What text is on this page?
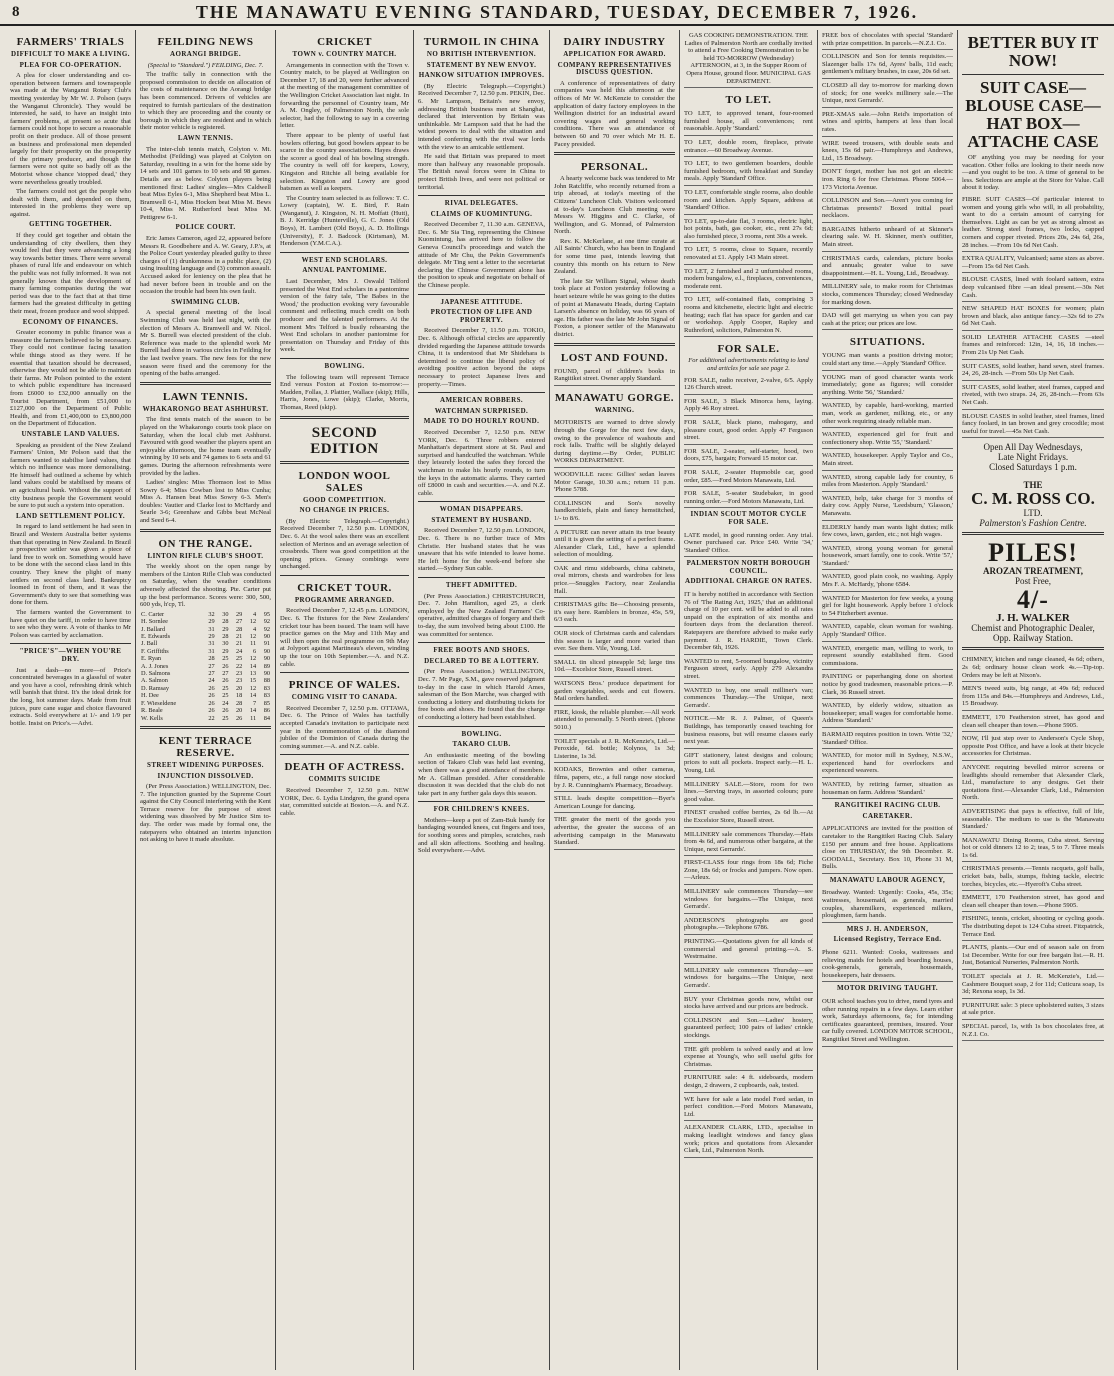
8	THE MANAWATU EVENING STANDARD, TUESDAY, DECEMBER 7, 1926.
FARMERS' TRIALS
DIFFICULT TO MAKE A LIVING.
PLEA FOR CO-OPERATION.
A plea for closer understanding and co-operation between farmers and townspeople was made at the Wanganui Rotary Club's meeting yesterday by Mr W. J. Polson (says the Wanganui Chronicle). They would be interested, he said, to have an insight into farmers' problems, at present so acute that farmers could not hope to secure a reasonable profit on their produce. All of those present as business and professional men depended largely for their prosperity on the prosperity of the primary producer, and though the farmers were not quite so badly off as the Motorist whose chance 'stopped dead,' they were nevertheless greatly troubled.
The farmers could not get the people who dealt with them, and depended on them, interested in the problems they were up against.
GETTING TOGETHER.
If they could get together and obtain the understanding of city dwellers, then they would feel that they were advancing a long way towards better times. There were several phases of rural life and endeavour on which the public was not fully informed. It was not generally known that the development of many farming companies during the war period was due to the fact that at that time farmers had the greatest difficulty in getting their meat, frozen produce and wool shipped.
ECONOMY OF FINANCES.
Greater economy in public finance was a measure the farmers believed to be necessary. They could not continue facing taxation while things stood as they were. If he essential that taxation should be decreased, otherwise they would not be able to maintain their farms. Mr Polson pointed to the extent to which public expenditure has increased from £6000 to £32,000 annually on the Tourist Department, from £51,000 to £127,000 on the Department of Public Health, and from £1,400,000 to £3,800,000 on the Department of Education.
UNSTABLE LAND VALUES.
Speaking as president of the New Zealand Farmers' Union, Mr Polson said that the farmers wanted to stabilise land values, that which no influence was more demoralising. He himself had outlined a scheme by which land values could be stabilised by means of an agricultural bank. Without the support of city business people the Government would be sure to put such a system into operation.
LAND SETTLEMENT POLICY.
In regard to land settlement he had seen in Brazil and Western Australia better systems than that operating in New Zealand. In Brazil a prospective settler was given a piece of land free to work on. Something would have to be done with the second class land in this country. They knew the plight of many settlers on second class land. Bankruptcy loomed in front of them, and it was the Government's duty to see that something was done for them.
The farmers wanted the Government to have quiet on the tariff, in order to have time to see who they were. A vote of thanks to Mr Polson was carried by acclamation.
"PRICE'S"—WHEN YOU'RE DRY.
Just a dash—no more—of Price's concentrated beverages in a glassful of water and you have a cool, refreshing drink which will banish that thirst. It's the ideal drink for the long, hot summer days. Made from fruit juices, pure cane sugar and choice flavoured extracts. Sold everywhere at 1/- and 1/9 per bottle. Insist on Price's.—Advt.
FEILDING NEWS
AORANGI BRIDGE.
(Special to "Standard.") FEILDING, Dec. 7.
The traffic tally in connection with the proposed commission to decide on allocation of the costs of maintenance on the Aorangi bridge has been commenced. Drivers of vehicles are required to furnish particulars of the destination to which they are proceeding and the county or borough in which they are resident and in which their motor vehicle is registered.
LAWN TENNIS.
The inter-club tennis match, Colyton v. Mt. Methodist (Feilding) was played at Colyton on Saturday, resulting in a win for the home side by 14 sets and 101 games to 10 sets and 98 games. Details are as below. Colyton players being mentioned first: Ladies' singles—Mrs Caldwell beat Miss Eyles 6-1, Miss Shepherd beat Miss L. Bramwell 6-1, Miss Hocken beat Miss M. Bews 10-4, Miss M. Rutherford beat Miss M. Pettigrew 6-1.
POLICE COURT.
Eric James Cameron, aged 22, appeared before Messrs R. Goodbehere and A. W. Geary, J.P.'s, at the Police Court yesterday pleaded guilty to three charges of (1) drunkenness in a public place, (2) using insulting language and (3) common assault. Accused asked for leniency on the plea that he had never before been in trouble and on the occasion the trouble had been his own fault.
SWIMMING CLUB.
A special general meeting of the local Swimming Club was held last night, with the election of Messrs A. Bramwell and W. Nicol. Mr S. Burrell was elected president of the club. Reference was made to the splendid work Mr Burrell had done in various circles in Feilding for the last twelve years. The new fees for the new season were fixed and the ceremony for the opening of the baths arranged.
LAWN TENNIS.
WHAKARONGO BEAT ASHHURST.
The first tennis match of the season to be played on the Whakarongo courts took place on Saturday, when the local club met Ashhurst. Favoured with good weather the players spent an enjoyable afternoon, the home team eventually winning by 10 sets and 74 games to 6 sets and 61 games. During the afternoon refreshments were provided by the ladies.
Ladies' singles: Miss Thomson lost to Miss Sowry 6-4; Miss Cowban lost to Miss Cunha; Miss A. Hansen beat Miss Sowry 6-3. Men's doubles: Vautier and Clarke lost to McHardy and Searle 3-6; Greenhaw and Gibbs beat McNeal and Seed 6-4.
ON THE RANGE.
LINTON RIFLE CLUB'S SHOOT.
The weekly shoot on the open range by members of the Linton Rifle Club was conducted on Saturday, when the weather conditions adversely affected the shooting. Pte. Carter put up the best performance. Scores were: 300, 500, 600 yds, h'cp, Tl.
C. Carter	32	30	29	4	95
H. Sornlee	29	28	27	12	92
J. Ballard	31	29	28	4	92
E. Edwards	29	28	21	12	90
J. Ball	31	30	21	11	91
F. Griffiths	31	29	24	6	90
E. Ryan	28	25	25	12	90
A. J. Jones	27	26	22	14	89
D. Salmons	27	27	23	13	90
A. Salmon	24	26	23	15	88
D. Ramsay	26	25	20	12	83
H. Dee	26	25	18	14	83
F. Wieseldene	26	24	28	7	85
R. Beale	26	26	20	14	86
W. Kells	22	25	26	11	84
KENT TERRACE RESERVE.
STREET WIDENING PURPOSES.
INJUNCTION DISSOLVED.
(Per Press Association.) WELLINGTON, Dec. 7. The injunction granted by the Supreme Court against the City Council interfering with the Kent Terrace reserve for the purpose of street widening was dissolved by Mr Justice Sim to-day. The order was made by formal one, the ratepayers who obtained an interim injunction not asking to have it made absolute.
CRICKET
TOWN v. COUNTRY MATCH.
Arrangements in connection with the Town v. Country match, to be played at Wellington on December 17, 18 and 20, were further advanced at the meeting of the management committee of the Wellington Cricket Association last night. In forwarding the personnel of Country team, Mr A. M. Ongley, of Palmerston North, the sole selector, had the following to say in a covering letter.
There appear to be plenty of useful fast bowlers offering, but good bowlers appear to be scarce in the country associations. Hayes draws the scorer a good deal of his bowling strength. The country is well off for keepers, Lowry, Kingston and Ritchie all being available for selection. Kingston and Lowry are good batsmen as well as keepers.
The Country team selected is as follows: T. C. Lowry (captain), W. E. Bird, F. Rain (Wanganui), J. Kingston, N. H. Moffatt (Hutt), B. J. Kerridge (Hunterville), G. C. Jones (Old Boys), H. Lambert (Old Boys), A. D. Hollings (University), F. J. Badcock (Kirtsman), M. Henderson (Y.M.C.A.).
WEST END SCHOLARS.
ANNUAL PANTOMIME.
Last December, Mrs J. Oswald Telford presented the West End scholars in a pantomime version of the fairy tale, 'The Babes in the Wood,' the production evoking very favourable comment and reflecting much credit on both producer and the talented performers. At the moment Mrs Telford is busily rehearsing the West End scholars in another pantomime for presentation on Thursday and Friday of this week.
BOWLING.
The following team will represent Terrace End versus Foxton at Foxton to-morrow:—Madden, Follas, J. Plattier, Wallace (skip); Hills, Harris, Jones, Lowe (skip); Clarke, Morris, Thomas, Reed (skip).
SECOND EDITION
LONDON WOOL SALES
GOOD COMPETITION.
NO CHANGE IN PRICES.
(By Electric Telegraph.—Copyright.) Received December 7, 12.50 p.m. LONDON, Dec. 6. At the wool sales there was an excellent selection of Merinos and an average selection of crossbreds. There was good competition at the opening prices. Greasy combings were unchanged.
CRICKET TOUR.
PROGRAMME ARRANGED.
Received December 7, 12.45 p.m. LONDON, Dec. 6. The fixtures for the New Zealanders' cricket tour has been issued. The team will have practice games on the May and 11th May and will then open the real programme on 9th May at Jolyport against Martineau's eleven, winding up the tour on 10th September.—A. and N.Z. cable.
PRINCE OF WALES.
COMING VISIT TO CANADA.
Received December 7, 12.50 p.m. OTTAWA, Dec. 6. The Prince of Wales has tactfully accepted Canada's invitation to participate next year in the commemoration of the diamond jubilee of the Dominion of Canada during the coming summer.—A. and N.Z. cable.
DEATH OF ACTRESS.
COMMITS SUICIDE
Received December 7, 12.50 p.m. NEW YORK, Dec. 6. Lydia Lindgren, the grand opera star, committed suicide at Boston.—A. and N.Z. cable.
TURMOIL IN CHINA
NO BRITISH INTERVENTION.
STATEMENT BY NEW ENVOY.
HANKOW SITUATION IMPROVES.
(By Electric Telegraph.—Copyright.) Received December 7, 12.50 p.m. PEKIN, Dec. 6. Mr Lampson, Britain's new envoy, addressing British business men at Shanghai, declared that intervention by Britain was unthinkable. Mr Lampson said that he had the widest powers to deal with the situation and intended conferring with the rival war lords with the view to an amicable settlement.
He said that Britain was prepared to meet more than halfway any reasonable proposals. The British naval forces were in China to protect British lives, and were not political or territorial.
RIVAL DELEGATES.
CLAIMS OF KUOMINTUNG.
Received December 7, 11.30 a.m. GENEVA, Dec. 6. Mr Sia Ting, representing the Chinese Kuomintung, has arrived here to follow the Geneva Council's proceedings and watch the attitude of Mr Chu, the Pekin Government's delegate. Mr Ting sent a letter to the secretariat declaring the Chinese Government alone has the position to speak and negotiate on behalf of the Chinese people.
JAPANESE ATTITUDE.
PROTECTION OF LIFE AND PROPERTY.
Received December 7, 11.50 p.m. TOKIO, Dec. 6. Although official circles are apparently divided regarding the Japanese attitude towards China, it is understood that Mr Shidehara is determined to continue the liberal policy of avoiding positive action beyond the steps necessary to protect Japanese lives and property.—Times.
AMERICAN ROBBERS.
WATCHMAN SURPRISED.
MADE TO DO HOURLY ROUND.
Received December 7, 12.50 p.m. NEW YORK, Dec. 6. Three robbers entered Manhattan's department store at St. Paul and surprised and handcuffed the watchman. While they leisurely looted the safes they forced the watchman to make his hourly rounds, to turn the keys in the automatic alarms. They carried off £8000 in cash and securities.—A. and N.Z. cable.
WOMAN DISAPPEARS.
STATEMENT BY HUSBAND.
Received December 7, 12.50 p.m. LONDON, Dec. 6. There is no further trace of Mrs Christie. Her husband states that he was unaware that his wife intended to leave home. He left home for the week-end before she started.—Sydney Sun cable.
THEFT ADMITTED.
(Per Press Association.) CHRISTCHURCH, Dec. 7. John Hamilton, aged 25, a clerk employed by the New Zealand Farmers' Co-operative, admitted charges of forgery and theft to-day, the sum involved being about £100. He was committed for sentence.
FREE BOOTS AND SHOES.
DECLARED TO BE A LOTTERY.
(Per Press Association.) WELLINGTON, Dec. 7. Mr Page, S.M., gave reserved judgment to-day in the case in which Harold Ames, salesman of the Bon Marche, was charged with conducting a lottery and distributing tickets for free boots and shoes. He found that the charge of conducting a lottery had been established.
BOWLING.
TAKARO CLUB.
An enthusiastic meeting of the bowling section of Takaro Club was held last evening, when there was a good attendance of members. Mr A. Gillman presided. After considerable discussion it was decided that the club do not take part in any further gala days this season.
FOR CHILDREN'S KNEES.
Mothers—keep a pot of Zam-Buk handy for bandaging wounded knees, cut fingers and toes, for soothing sores and pimples, scratches, rash and all skin affections. Soothing and healing. Sold everywhere.—Advt.
DAIRY INDUSTRY
APPLICATION FOR AWARD.
COMPANY REPRESENTATIVES DISCUSS QUESTION.
A conference of representatives of dairy companies was held this afternoon at the offices of Mr W. McKenzie to consider the application of dairy factory employees in the Wellington district for an industrial award covering wages and general working conditions. There was an attendance of between 60 and 70 over which Mr H. E. Pacey presided.
PERSONAL.
A hearty welcome back was tendered to Mr John Ratcliffe, who recently returned from a trip abroad, at today's meeting of the Citizens' Luncheon Club. Visitors welcomed at to-day's Luncheon Club meeting were Messrs W. Higgins and C. Clarke, of Wellington, and G. Monrad, of Palmerston North.
Rev. K. McKerlane, at one time curate at All Saints' Church, who has been in England for some time past, intends leaving that country this month on his return to New Zealand.
The late Sir William Signal, whose death took place at Foxton yesterday following a heart seizure while he was going to the duties of point at Manawatu Heads, during Captain Larsen's absence on holiday, was 66 years of age. His father was the late Mr John Signal of Foxton, a pioneer settler of the Manawatu district.
LOST AND FOUND.
FOUND, parcel of children's books in Rangitikei street. Owner apply Standard.
MANAWATU GORGE.
WARNING.
MOTORISTS are warned to drive slowly through the Gorge for the next few days, owing to the prevalence of washouts and rock falls. Traffic will be slightly delayed during daytime.—By Order, PUBLIC WORKS DEPARTMENT.
WOODVILLE races: Gillies' sedan leaves Motor Garage, 10.30 a.m.; return 11 p.m. 'Phone 5788.
COLLINSON and Son's novelty handkerchiefs, plain and fancy hemstitched, 1/- to 8/6.
A PICTURE can never attain its true beauty until it is given the setting of a perfect frame. Alexander Clark, Ltd., have a splendid selection of moulding.
OAK and rimu sideboards, china cabinets, oval mirrors, chests and wardrobes for less price.—Snuggles Factory, near Zealandia Hall.
CHRISTMAS gifts: Be—Choosing presents, it's easy here. Ramblers in bronze, 45s, 5/9, 6/3 each.
OUR stock of Christmas cards and calendars this season is larger and more varied than ever. See them. Vile, Young, Ltd.
SMALL tin sliced pineapple 5d; large tins 10d.—Excelsior Store, Russell street.
WATSONS Bros.' produce department for garden vegetables, seeds and cut flowers. Mail orders handled.
FIRE, kiosk, the reliable plumber.—All work attended to personally. 5 North street. ('phone 5010.)
TOILET specials at J. R. McKenzie's, Ltd.—Peroxide, 6d. bottle; Kolynos, 1s 3d; Listerine, 1s 3d.
KODAKS, Brownies and other cameras, films, papers, etc., a full range now stocked by J. R. Cunningham's Pharmacy, Broadway.
STILL leads despite competition—Byer's American Lounge for dancing.
THE greater the merit of the goods you advertise, the greater the success of an advertising campaign in the Manawatu Standard.
GAS COOKING DEMONSTRATION. THE Ladies of Palmerston North are cordially invited to attend a Free Cooking Demonstration to be held TO-MORROW (Wednesday) AFTERNOON, at 3, in the Supper Room of Opera House, ground floor. MUNICIPAL GAS DEPARTMENT.
TO LET.
TO LET, to approved tenant, four-roomed furnished house, all conveniences; rent reasonable. Apply 'Standard.'
TO LET, double room, fireplace, private entrance.—60 Broadway Avenue.
TO LET, to two gentlemen boarders, double furnished bedroom, with breakfast and Sunday meals. Apply 'Standard' Office.
TO LET, comfortable single rooms, also double room and kitchen. Apply Square, address at 'Standard' Office.
TO LET, up-to-date flat, 3 rooms, electric light, hot points, bath, gas cooker, etc., rent 27s 6d; also furnished piece, 3 rooms, rent 30s a week.
TO LET, 5 rooms, close to Square, recently renovated at £1. Apply 143 Main street.
TO LET, 2 furnished and 2 unfurnished rooms, modern bungalow, e.l., fireplaces, conveniences, moderate rent.
TO LET, self-contained flats, comprising 3 rooms and kitchenette, electric light and electric heating; each flat has space for garden and car or workshop. Apply Cooper, Rapley and Ruthreford, solicitors, Palmerston N.
FOR SALE.
For additional advertisements relating to land and articles for sale see page 2.
FOR SALE, radio receiver, 2-valve, 6/5. Apply 126 Church street.
FOR SALE, 3 Black Minorca hens, laying. Apply 46 Roy street.
FOR SALE, black piano, mahogany, and pleasure court, good order. Apply 47 Ferguson street.
FOR SALE, 2-seater, self-starter, hood, two doors, £75, bargain; Forward 15 motor car.
FOR SALE, 2-seater Hupmobile car, good order, £85.—Ford Motors Manawatu, Ltd.
FOR SALE, 5-seater Studebaker, in good running order.—Ford Motors Manawatu, Ltd.
INDIAN SCOUT MOTOR CYCLE FOR SALE.
LATE model, in good running order. Any trial. Owner purchased car. Price £40. Write '34,' 'Standard' Office.
PALMERSTON NORTH BOROUGH COUNCIL.
ADDITIONAL CHARGE ON RATES.
IT is hereby notified in accordance with Section 76 of 'The Rating Act, 1925,' that an additional charge of 10 per cent. will be added to all rates unpaid on the expiration of six months and fourteen days from the declaration thereof. Ratepayers are therefore advised to make early payment. J. R. HARDIE, Town Clerk. December 6th, 1926.
WANTED to rent, 5-roomed bungalow, vicinity Ferguson street, early. Apply 279 Alexandra street.
WANTED to buy, one small milliner's van; commences Thursday.—The Unique, next Gerrards'.
NOTICE.—Mr R. J. Palmer, of Queen's Buildings, has temporarily ceased teaching for business reasons, but will resume classes early next year.
GIFT stationery, latest designs and colours; prices to suit all pockets. Inspect early.—H. L. Young, Ltd.
MILLINERY SALE.—Store, room for two lines.—Serving trays, in assorted colours; pure good value.
FINEST crushed coffee berries, 2s 6d lb.—At the Excelsior Store, Russell street.
MILLINERY sale commences Thursday.—Hats from 4s 6d, and numerous other bargains, at the Unique, next Gerrards'.
FIRST-CLASS four rings from 18s 6d; Fiche Zone, 18s 6d; or frocks and jumpers. Now open.—Arleux.
MILLINERY sale commences Thursday—see windows for bargains.—The Unique, next Gerrards'.
ANDERSON'S photographs are good photographs.—Telephone 6786.
PRINTING.—Quotations given for all kinds of commercial and general printing.—A. S. Westrmaine.
MILLINERY sale commences Thursday—see windows for bargains.—The Unique, next Gerrards'.
BUY your Christmas goods now, whilst our stocks have arrived and our prices are bedrock.
COLLINSON and Son.—Ladies' hosiery, guaranteed perfect; 100 pairs of ladies' crinkle stockings.
THE gift problem is solved easily and at low expense at Young's, who sell useful gifts for Christmas.
FURNITURE sale: 4 ft. sideboards, modern design, 2 drawers, 2 cupboards, oak, tested.
WE have for sale a late model Ford sedan, in perfect condition.—Ford Motors Manawatu, Ltd.
ALEXANDER CLARK, LTD., specialise in making leadlight windows and fancy glass work; prices and quotations from Alexander Clark, Ltd., Palmerston North.
FREE box of chocolates with special 'Standard' with prize competition. In parcels.—N.Z.I. Co.
COLLINSON and Son for tennis requisites.—Slazenger balls 17s 6d, Ayres' balls, 11d each; gentlemen's military brushes, in case, 20s 6d set.
CLOSED all day to-morrow for marking down of stock; for one week's millinery sale.—The Unique, next Gerrards'.
PRE-XMAS sale.—John Reid's importation of wines and spirits, hampers at less than local rates.
WIRE tweed trousers, with double seats and knees, 15s 6d pair.—Humphreys and Andrews, Ltd., 15 Broadway.
DON'T forget, mother has not got an electric iron. Ring 6 for free Christmas. Phone 5064.—173 Victoria Avenue.
COLLINSON and Son.—Aren't you coming for Christmas presents? Boxed initial pearl necklaces.
BARGAINS hitherto unheard of at Skinner's clearing sale. W. H. Skinner, men's outfitter, Main street.
CHRISTMAS cards, calendars, picture books and annuals; greater value to save disappointment.—H. L. Young, Ltd., Broadway.
MILLINERY sale, to make room for Christmas stocks, commences Thursday; closed Wednesday for marking down.
DAD will get marrying us when you can pay cash at the price; our prices are low.
SITUATIONS.
YOUNG man wants a position driving motor; could start any time.—Apply 'Standard' Office.
YOUNG man of good character wants work immediately; gone as figures; will consider anything. Write '56,' 'Standard.'
WANTED, by capable, hard-working, married man, work as gardener, milking, etc., or any other work requiring steady reliable man.
WANTED, experienced girl for fruit and confectionery shop. Write '55,' 'Standard.'
WANTED, housekeeper. Apply Taylor and Co., Main street.
WANTED, strong capable lady for country, 6 miles from Masterton. Apply 'Standard.'
WANTED, help, take charge for 3 months of dairy cow. Apply Nurse, 'Leedsburn,' 'Glasson,' Manawatu.
ELDERLY handy man wants light duties; milk few cows, lawn, garden, etc.; not high wages.
WANTED, strong young woman for general housework, smart family, one to cook. Write '57,' 'Standard.'
WANTED, good plain cook, no washing. Apply Mrs F. A. McHardy, 'phone 6584.
WANTED for Masterton for few weeks, a young girl for light housework. Apply before 1 o'clock to 54 Fitzherbert avenue.
WANTED, capable, clean woman for washing. Apply 'Standard' Office.
WANTED, energetic man, willing to work, to represent soundly established firm. Good commissions.
PAINTING or paperhanging done on shortest notice by good tradesmen, reasonable prices.—P. Clark, 36 Russell street.
WANTED, by elderly widow, situation as housekeeper; small wages for comfortable home. Address 'Standard.'
BARMAID requires position in town. Write '32,' 'Standard' Office.
WANTED, for motor mill in Sydney, N.S.W., experienced hand for overlockers and experienced weavers.
WANTED, by retiring farmer, situation as houseman on farm. Address 'Standard.'
RANGITIKEI RACING CLUB.
CARETAKER.
APPLICATIONS are invited for the position of caretaker to the Rangitikei Racing Club. Salary £150 per annum and free house. Applications close on THURSDAY, the 9th December. R. GOODALL, Secretary. Box 10, Phone 31 M, Bulls.
MANAWATU LABOUR AGENCY,
Broadway. Wanted: Urgently: Cooks, 45s, 35s; waitresses, housemaid, as generals, married couples, sharemilkers, experienced milkers, ploughmen, farm hands.
MRS J. H. ANDERSON,
Licensed Registry, Terrace End.
Phone 6211. Wanted: Cooks, waitresses and relieving maids for hotels and boarding houses, cook-generals, generals, housemaids, housekeepers, hair dressers.
MOTOR DRIVING TAUGHT.
OUR school teaches you to drive, mend tyres and other running repairs in a few days. Learn either work, Saturdays afternoons, 6s; for intending certificates guaranteed, premises, insured. Your car fully covered. LONDON MOTOR SCHOOL, Rangitikei Street and Wellington.
BETTER BUY IT NOW!
SUIT CASE—
BLOUSE CASE—
HAT BOX—
ATTACHE CASE
OF anything you may be needing for your vacation. Other folks are looking to their needs now—and you ought to be too. A time of general to be less. Selections are ample at the Store for Value. Call about it today.
FIBRE SUIT CASES—Of particular interest to women and young girls who will, in all probability, want to do a certain amount of carrying for themselves. Light as can be yet as strong almost as leather. Strong steel frames, two locks, capped corners and copper riveted. Prices 20s, 24s 6d, 26s, 28 inches. —From 10s 6d Net Cash.
EXTRA QUALITY, Vulcanised; same sizes as above.—From 15s 6d Net Cash.
BLOUSE CASES, lined with foolard satteen, extra deep vulcanised fibre —an ideal present.—30s Net Cash.
NEW SHAPED HAT BOXES for women; plain brown and black, also antique fancy.—32s 6d to 27s 6d Net Cash.
SOLID LEATHER ATTACHE CASES —steel frames and reinforced: 12in, 14, 16, 18 inches.—From 21s Up Net Cash.
SUIT CASES, solid leather, hand sewn, steel frames. 24, 26, 28-inch. —From 50s Up Net Cash.
SUIT CASES, solid leather, steel frames, capped and riveted, with two straps. 24, 26, 28-inch.—From 63s Net Cash.
BLOUSE CASES in solid leather, steel frames, lined fancy foolard, in tan brown and grey crocodile; most useful for travel.—45s Net Cash.
Open All Day Wednesdays,
Late Night Fridays.
Closed Saturdays 1 p.m.
THE
C. M. ROSS CO.
LTD.
Palmerston's Fashion Centre.
PILES!
AROZAN TREATMENT,
Post Free,
4/-
J. H. WALKER
Chemist and Photographic Dealer,
Opp. Railway Station.
CHIMNEY, kitchen and range cleaned, 4s 6d; others, 2s 6d; ordinary house clean work 4s.—Tip-top. Orders may be left at Nixon's.
MEN'S tweed suits, big range, at 49s 6d; reduced from 115s and 84s.—Humphreys and Andrews, Ltd., 15 Broadway.
EMMETT, 170 Featherston street, has good and clean sell cheaper than town.—Phone 5905.
NOW, I'll just step over to Anderson's Cycle Shop, opposite Post Office, and have a look at their bicycle accessories for Christmas.
ANYONE requiring bevelled mirror screens or leadlights should remember that Alexander Clark, Ltd., manufacture to any designs. Get their quotations first.—Alexander Clark, Ltd., Palmerston North.
ADVERTISING that pays is effective, full of life, seasonable. The medium to use is the 'Manawatu Standard.'
MANAWATU Dining Rooms, Cuba street. Serving hot or cold dinners 12 to 2; teas, 5 to 7. Three meals 1s 6d.
CHRISTMAS presents.—Tennis racquets, golf balls, cricket bats, balls, stumps, fishing tackle, electric torches, bicycles, etc.—Hyeroft's Cuba street.
EMMETT, 170 Featherston street, has good and clean sell cheaper than town.—Phone 5905.
FISHING, tennis, cricket, shooting or cycling goods. The distributing depot is 124 Cuba street. Fitzpatrick, Terrace End.
PLANTS, plants.—Our end of season sale on from 1st December. Write for our free bargain list.—R. H. Just, Botanical Nurseries, Palmerston North.
TOILET specials at J. R. McKenzie's, Ltd.—Cashmere Bouquet soap, 2 for 11d; Cuticura soap, 1s 3d; Rexona soap, 1s 3d.
FURNITURE sale: 3 piece upholstered suites, 3 sizes at sale price.
SPECIAL parcel, 1s, with 1s box chocolates free, at N.Z.I. Co.
